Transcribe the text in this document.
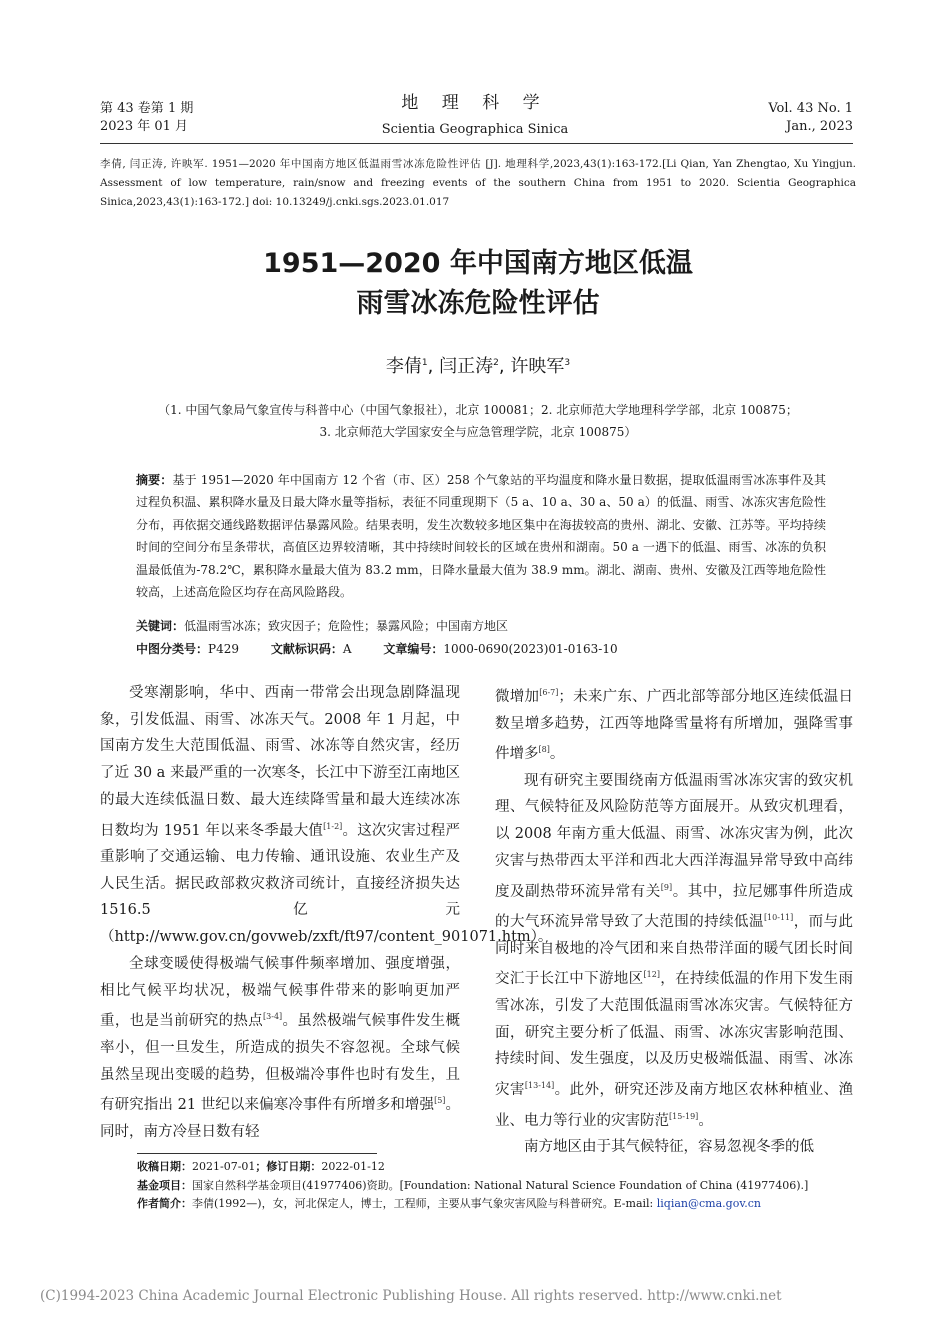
第 43 卷第 1 期
2023 年 01 月
地 理 科 学
Scientia Geographica Sinica
Vol. 43 No. 1
Jan., 2023
李倩, 闫正涛, 许映军. 1951—2020 年中国南方地区低温雨雪冰冻危险性评估 [J]. 地理科学,2023,43(1):163-172.[Li Qian, Yan Zhengtao, Xu Yingjun. Assessment of low temperature, rain/snow and freezing events of the southern China from 1951 to 2020. Scientia Geographica Sinica,2023,43(1):163-172.] doi: 10.13249/j.cnki.sgs.2023.01.017
1951—2020 年中国南方地区低温
雨雪冰冻危险性评估
李倩$^1$, 闫正涛$^2$, 许映军$^3$
（1. 中国气象局气象宣传与科普中心（中国气象报社），北京 100081；2. 北京师范大学地理科学学部，北京 100875；
3. 北京师范大学国家安全与应急管理学院，北京 100875）
摘要：基于 1951—2020 年中国南方 12 个省（市、区）258 个气象站的平均温度和降水量日数据，提取低温雨雪冰冻事件及其过程负积温、累积降水量及日最大降水量等指标，表征不同重现期下（5 a、10 a、30 a、50 a）的低温、雨雪、冰冻灾害危险性分布，再依据交通线路数据评估暴露风险。结果表明，发生次数较多地区集中在海拔较高的贵州、湖北、安徽、江苏等。平均持续时间的空间分布呈条带状，高值区边界较清晰，其中持续时间较长的区域在贵州和湖南。50 a 一遇下的低温、雨雪、冰冻的负积温最低值为-78.2℃，累积降水量最大值为 83.2 mm，日降水量最大值为 38.9 mm。湖北、湖南、贵州、安徽及江西等地危险性较高，上述高危险区均存在高风险路段。
关键词：低温雨雪冰冻；致灾因子；危险性；暴露风险；中国南方地区
中图分类号：P429	文献标识码：A	文章编号：1000-0690(2023)01-0163-10

受寒潮影响，华中、西南一带常会出现急剧降温现象，引发低温、雨雪、冰冻天气。2008 年 1 月起，中国南方发生大范围低温、雨雪、冰冻等自然灾害，经历了近 30 a 来最严重的一次寒冬，长江中下游至江南地区的最大连续低温日数、最大连续降雪量和最大连续冰冻日数均为 1951 年以来冬季最大值[1-2]。这次灾害过程严重影响了交通运输、电力传输、通讯设施、农业生产及人民生活。据民政部救灾救济司统计，直接经济损失达 1516.5 亿元（http://www.gov.cn/govweb/zxft/ft97/content_901071.htm）。

全球变暖使得极端气候事件频率增加、强度增强，相比气候平均状况，极端气候事件带来的影响更加严重，也是当前研究的热点[3-4]。虽然极端气候事件发生概率小，但一旦发生，所造成的损失不容忽视。全球气候虽然呈现出变暖的趋势，但极端冷事件也时有发生，且有研究指出 21 世纪以来偏寒冷事件有所增多和增强[5]。同时，南方冷昼日数有轻

微增加[6-7]；未来广东、广西北部等部分地区连续低温日数呈增多趋势，江西等地降雪量将有所增加，强降雪事件增多[8]。

现有研究主要围绕南方低温雨雪冰冻灾害的致灾机理、气候特征及风险防范等方面展开。从致灾机理看，以 2008 年南方重大低温、雨雪、冰冻灾害为例，此次灾害与热带西太平洋和西北大西洋海温异常导致中高纬度及副热带环流异常有关[9]。其中，拉尼娜事件所造成的大气环流异常导致了大范围的持续低温[10-11]，而与此同时来自极地的冷气团和来自热带洋面的暖气团长时间交汇于长江中下游地区[12]，在持续低温的作用下发生雨雪冰冻，引发了大范围低温雨雪冰冻灾害。气候特征方面，研究主要分析了低温、雨雪、冰冻灾害影响范围、持续时间、发生强度，以及历史极端低温、雨雪、冰冻灾害[13-14]。此外，研究还涉及南方地区农林种植业、渔业、电力等行业的灾害防范[15-19]。

南方地区由于其气候特征，容易忽视冬季的低

收稿日期：2021-07-01；修订日期：2022-01-12
基金项目：国家自然科学基金项目(41977406)资助。[Foundation: National Natural Science Foundation of China (41977406).]
作者简介：李倩(1992—)，女，河北保定人，博士，工程师，主要从事气象灾害风险与科普研究。E-mail: liqian@cma.gov.cn
(C)1994-2023 China Academic Journal Electronic Publishing House. All rights reserved. http://www.cnki.net
